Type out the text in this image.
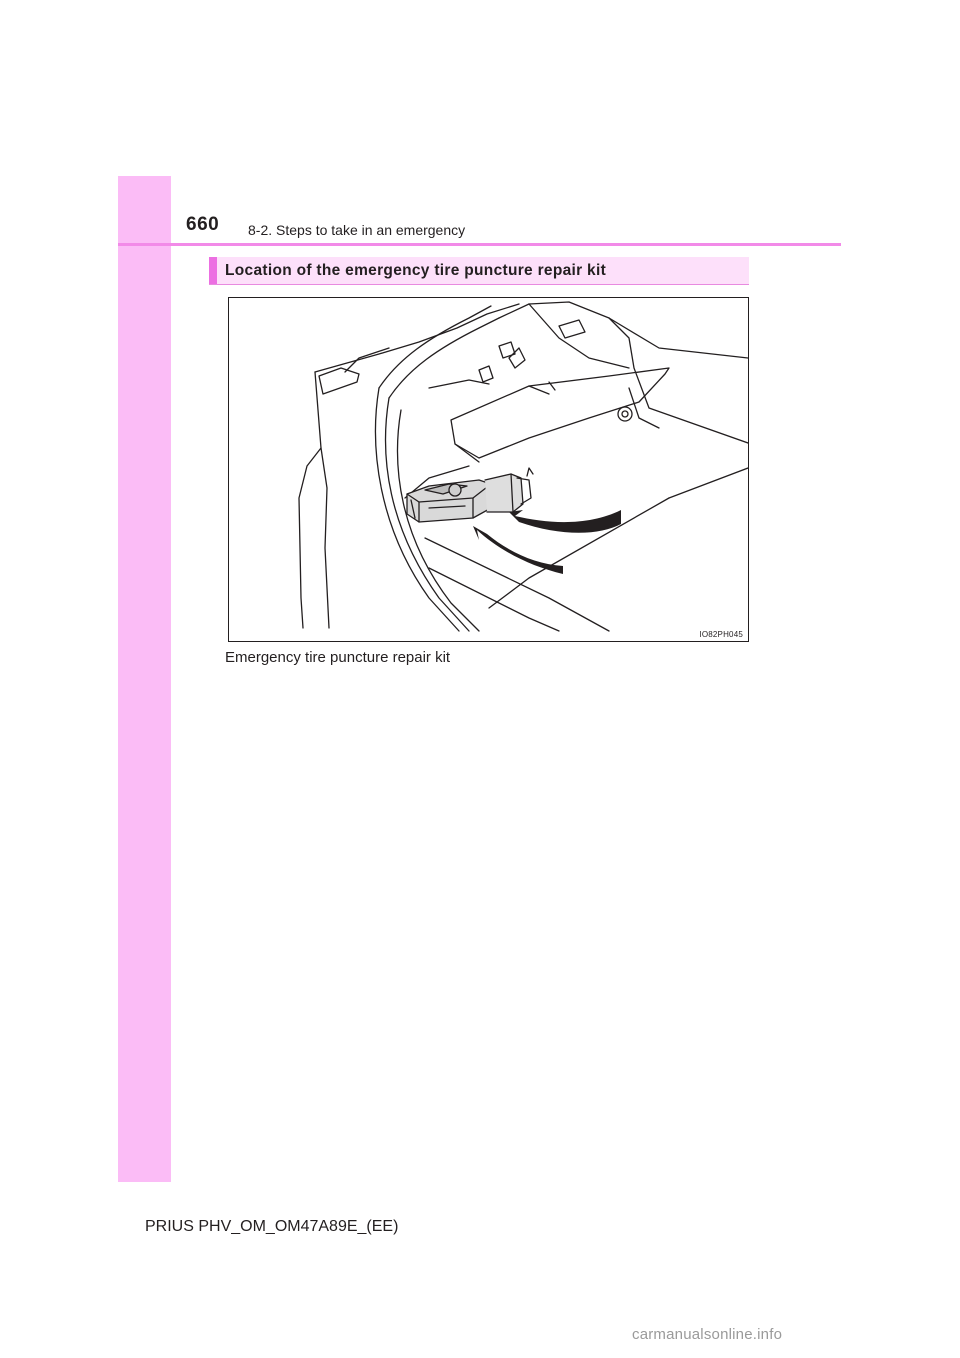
660 8-2. Steps to take in an emergency
Location of the emergency tire puncture repair kit
IO82PH045
Emergency tire puncture repair kit
PRIUS PHV_OM_OM47A89E_(EE)
carmanualsonline.info
